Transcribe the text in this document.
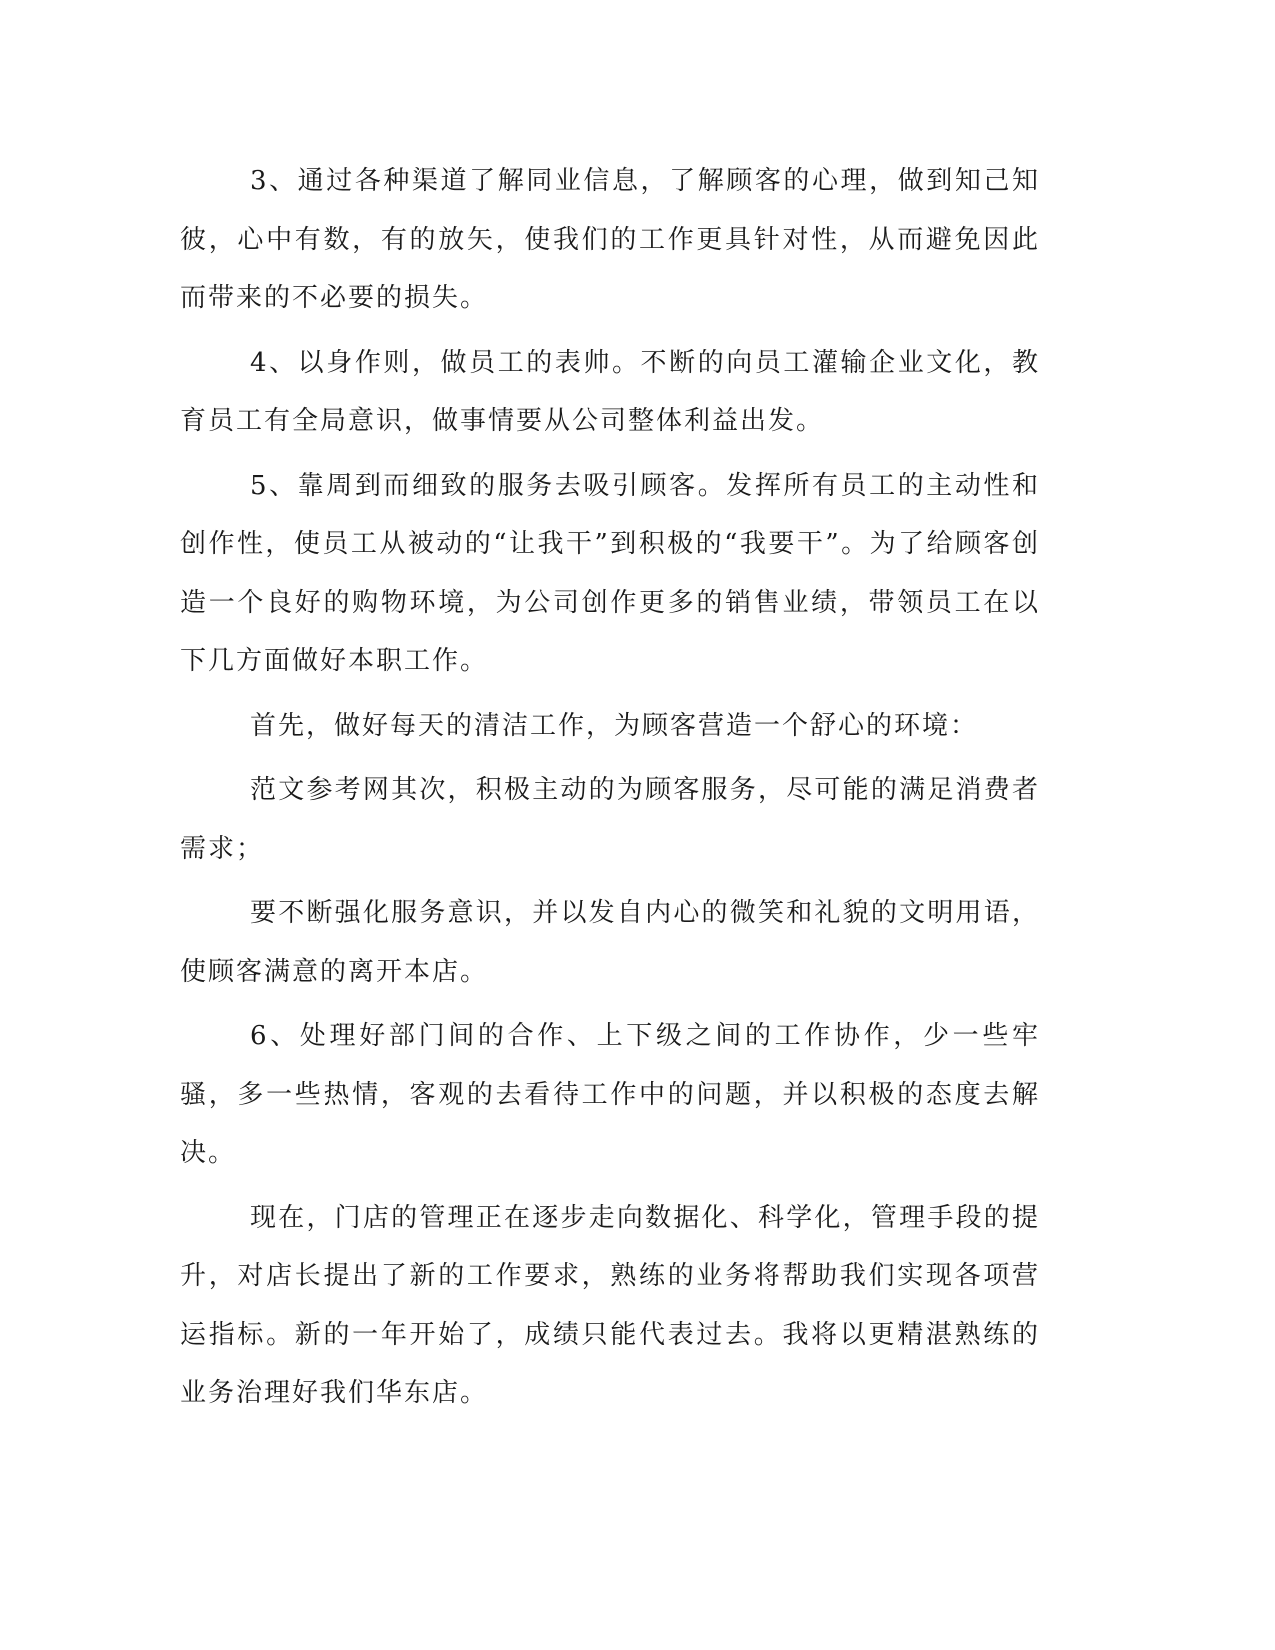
3、通过各种渠道了解同业信息，了解顾客的心理，做到知己知彼，心中有数，有的放矢，使我们的工作更具针对性，从而避免因此而带来的不必要的损失。

4、以身作则，做员工的表帅。不断的向员工灌输企业文化，教育员工有全局意识，做事情要从公司整体利益出发。

5、靠周到而细致的服务去吸引顾客。发挥所有员工的主动性和创作性，使员工从被动的“让我干”到积极的“我要干”。为了给顾客创造一个良好的购物环境，为公司创作更多的销售业绩，带领员工在以下几方面做好本职工作。

首先，做好每天的清洁工作，为顾客营造一个舒心的环境：

范文参考网其次，积极主动的为顾客服务，尽可能的满足消费者需求；

要不断强化服务意识，并以发自内心的微笑和礼貌的文明用语，使顾客满意的离开本店。

6、处理好部门间的合作、上下级之间的工作协作，少一些牢骚，多一些热情，客观的去看待工作中的问题，并以积极的态度去解决。

现在，门店的管理正在逐步走向数据化、科学化，管理手段的提升，对店长提出了新的工作要求，熟练的业务将帮助我们实现各项营运指标。新的一年开始了，成绩只能代表过去。我将以更精湛熟练的业务治理好我们华东店。
